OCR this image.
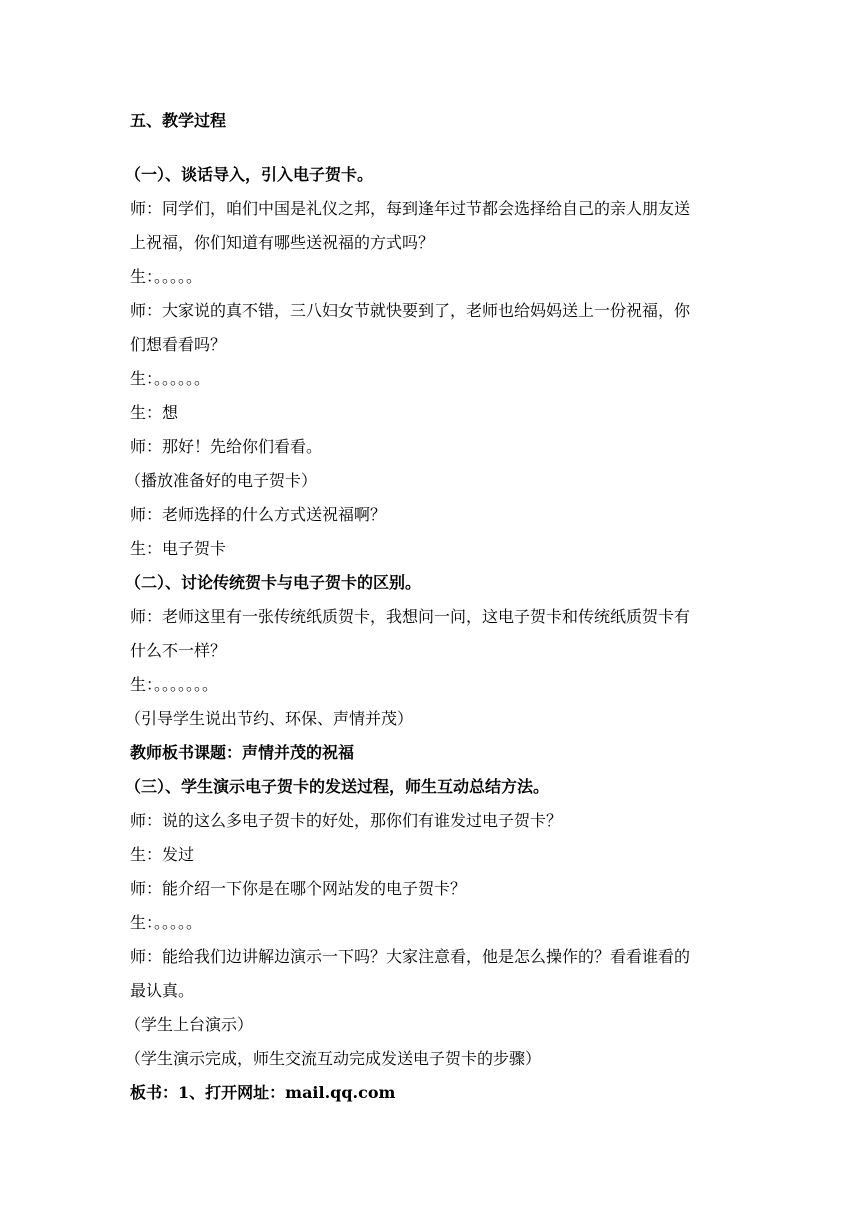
五、教学过程
（一）、谈话导入，引入电子贺卡。
师：同学们，咱们中国是礼仪之邦，每到逢年过节都会选择给自己的亲人朋友送
上祝福，你们知道有哪些送祝福的方式吗？
生：。。。。。
师：大家说的真不错，三八妇女节就快要到了，老师也给妈妈送上一份祝福，你
们想看看吗？
生：。。。。。。
生：想
师：那好！先给你们看看。
（播放准备好的电子贺卡）
师：老师选择的什么方式送祝福啊？
生：电子贺卡
（二）、讨论传统贺卡与电子贺卡的区别。
师：老师这里有一张传统纸质贺卡，我想问一问，这电子贺卡和传统纸质贺卡有
什么不一样？
生：。。。。。。。
（引导学生说出节约、环保、声情并茂）
教师板书课题：声情并茂的祝福
（三）、学生演示电子贺卡的发送过程，师生互动总结方法。
师：说的这么多电子贺卡的好处，那你们有谁发过电子贺卡？
生：发过
师：能介绍一下你是在哪个网站发的电子贺卡？
生：。。。。。
师：能给我们边讲解边演示一下吗？大家注意看，他是怎么操作的？看看谁看的
最认真。
（学生上台演示）
（学生演示完成，师生交流互动完成发送电子贺卡的步骤）
板书：1、打开网址：mail.qq.com
